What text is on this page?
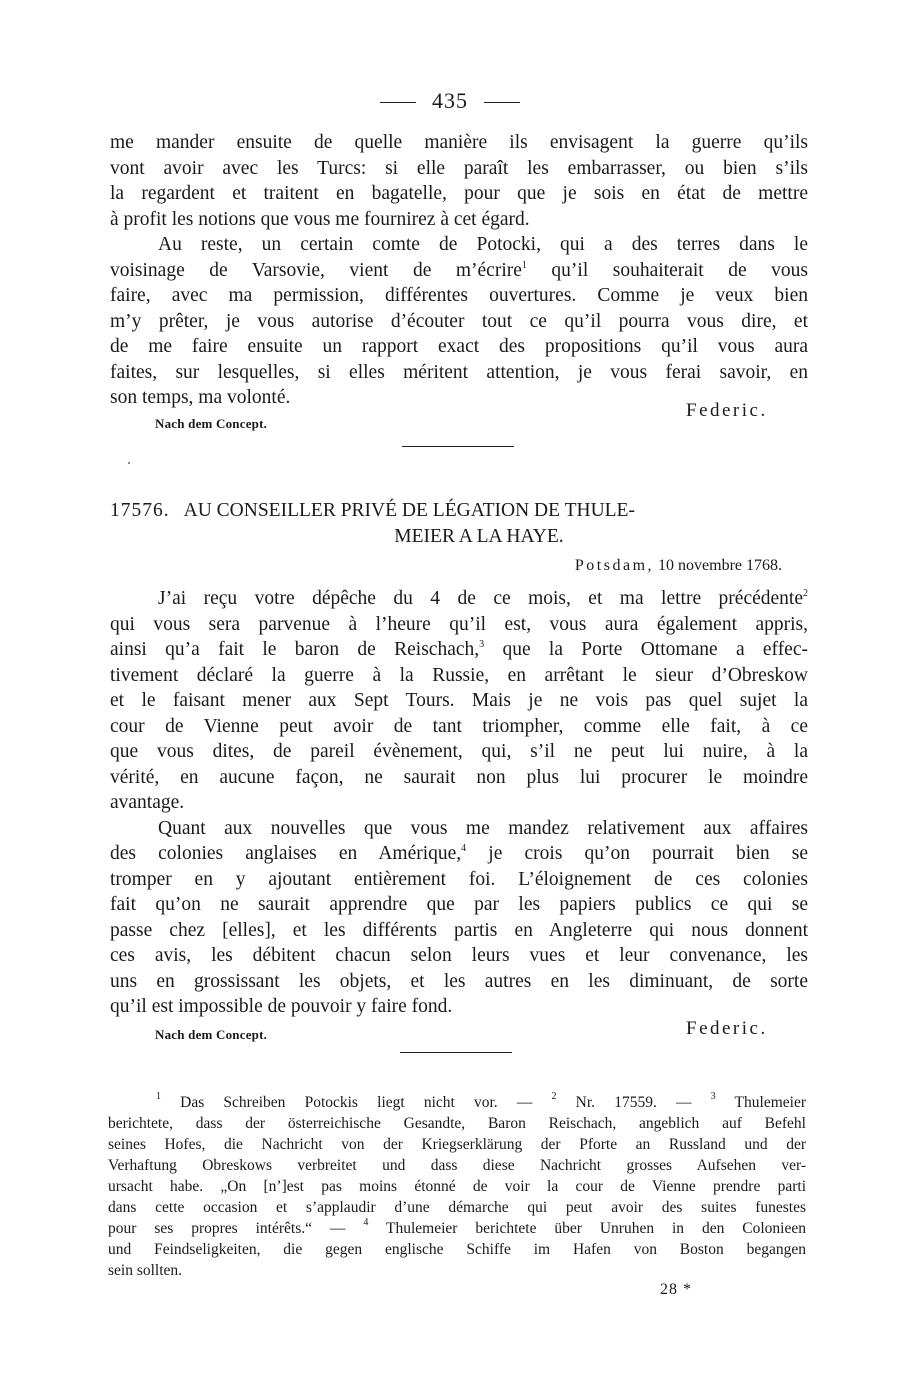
435
me mander ensuite de quelle manière ils envisagent la guerre qu’ils
vont avoir avec les Turcs: si elle paraît les embarrasser, ou bien s’ils
la regardent et traitent en bagatelle, pour que je sois en état de mettre
à profit les notions que vous me fournirez à cet égard.
Au reste, un certain comte de Potocki, qui a des terres dans le
voisinage de Varsovie, vient de m’écrire$^1$ qu’il souhaiterait de vous
faire, avec ma permission, différentes ouvertures. Comme je veux bien
m’y prêter, je vous autorise d’écouter tout ce qu’il pourra vous dire, et
de me faire ensuite un rapport exact des propositions qu’il vous aura
faites, sur lesquelles, si elles méritent attention, je vous ferai savoir, en
son temps, ma volonté.
Federic.
Nach dem Concept.
17576. AU CONSEILLER PRIVÉ DE LÉGATION DE THULE-
MEIER A LA HAYE.
Potsdam, 10 novembre 1768.
J’ai reçu votre dépêche du 4 de ce mois, et ma lettre précédente$^2$
qui vous sera parvenue à l’heure qu’il est, vous aura également appris,
ainsi qu’a fait le baron de Reischach,$^3$ que la Porte Ottomane a effec-
tivement déclaré la guerre à la Russie, en arrêtant le sieur d’Obreskow
et le faisant mener aux Sept Tours. Mais je ne vois pas quel sujet la
cour de Vienne peut avoir de tant triompher, comme elle fait, à ce
que vous dites, de pareil évènement, qui, s’il ne peut lui nuire, à la
vérité, en aucune façon, ne saurait non plus lui procurer le moindre
avantage.
Quant aux nouvelles que vous me mandez relativement aux affaires
des colonies anglaises en Amérique,$^4$ je crois qu’on pourrait bien se
tromper en y ajoutant entièrement foi. L’éloignement de ces colonies
fait qu’on ne saurait apprendre que par les papiers publics ce qui se
passe chez [elles], et les différents partis en Angleterre qui nous donnent
ces avis, les débitent chacun selon leurs vues et leur convenance, les
uns en grossissant les objets, et les autres en les diminuant, de sorte
qu’il est impossible de pouvoir y faire fond.
Federic.
Nach dem Concept.
$^1$ Das Schreiben Potockis liegt nicht vor. — $^2$ Nr. 17559. — $^3$ Thulemeier
berichtete, dass der österreichische Gesandte, Baron Reischach, angeblich auf Befehl
seines Hofes, die Nachricht von der Kriegserklärung der Pforte an Russland und der
Verhaftung Obreskows verbreitet und dass diese Nachricht grosses Aufsehen ver-
ursacht habe. „On [n’]est pas moins étonné de voir la cour de Vienne prendre parti
dans cette occasion et s’applaudir d’une démarche qui peut avoir des suites funestes
pour ses propres intérêts.“ — $^4$ Thulemeier berichtete über Unruhen in den Colonieen
und Feindseligkeiten, die gegen englische Schiffe im Hafen von Boston begangen
sein sollten.
28 *
